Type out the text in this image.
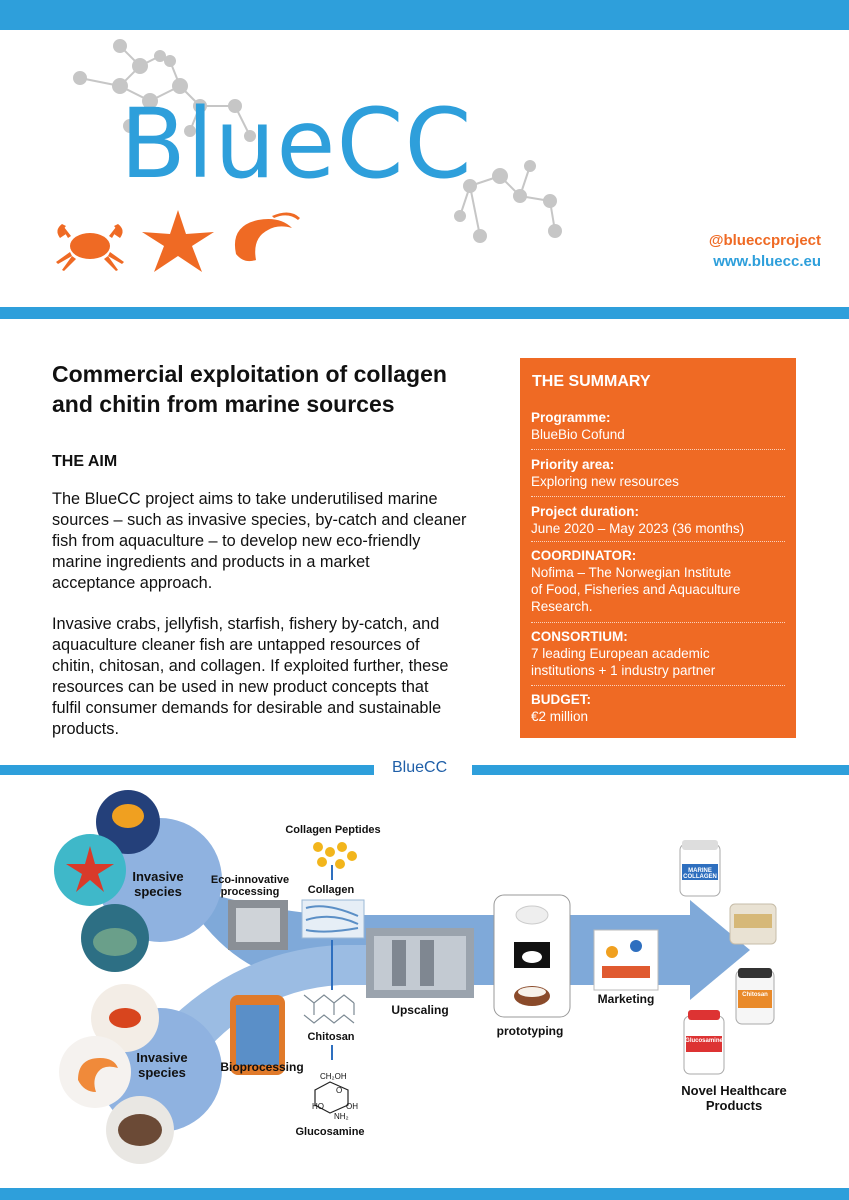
BlueCC
@blueccproject
www.bluecc.eu
Commercial exploitation of collagen
and chitin from marine sources
THE AIM
The BlueCC project aims to take underutilised marine
sources – such as invasive species, by-catch and cleaner
fish from aquaculture – to develop new eco-friendly
marine ingredients and products in a market
acceptance approach.
Invasive crabs, jellyfish, starfish, fishery by-catch, and
aquaculture cleaner fish are untapped resources of
chitin, chitosan, and collagen. If exploited further, these
resources can be used in new product concepts that
fulfil consumer demands for desirable and sustainable
products.
THE SUMMARY
Programme:
BlueBio Cofund
Priority area:
Exploring new resources
Project duration:
June 2020 – May 2023 (36 months)
COORDINATOR:
Nofima – The Norwegian Institute
of Food, Fisheries and Aquaculture
Research.
CONSORTIUM:
7 leading European academic
institutions + 1 industry partner
BUDGET:
€2 million
BlueCC
Invasive species
Invasive species
Eco-innovative processing
Collagen Peptides
Collagen
Bioprocessing
Chitosan
Glucosamine
Upscaling
prototyping
Marketing
Novel Healthcare Products
MARINE COLLAGEN
Glucosamine
Chitosan
CH₂OH
O
HO	OH
NH₂
